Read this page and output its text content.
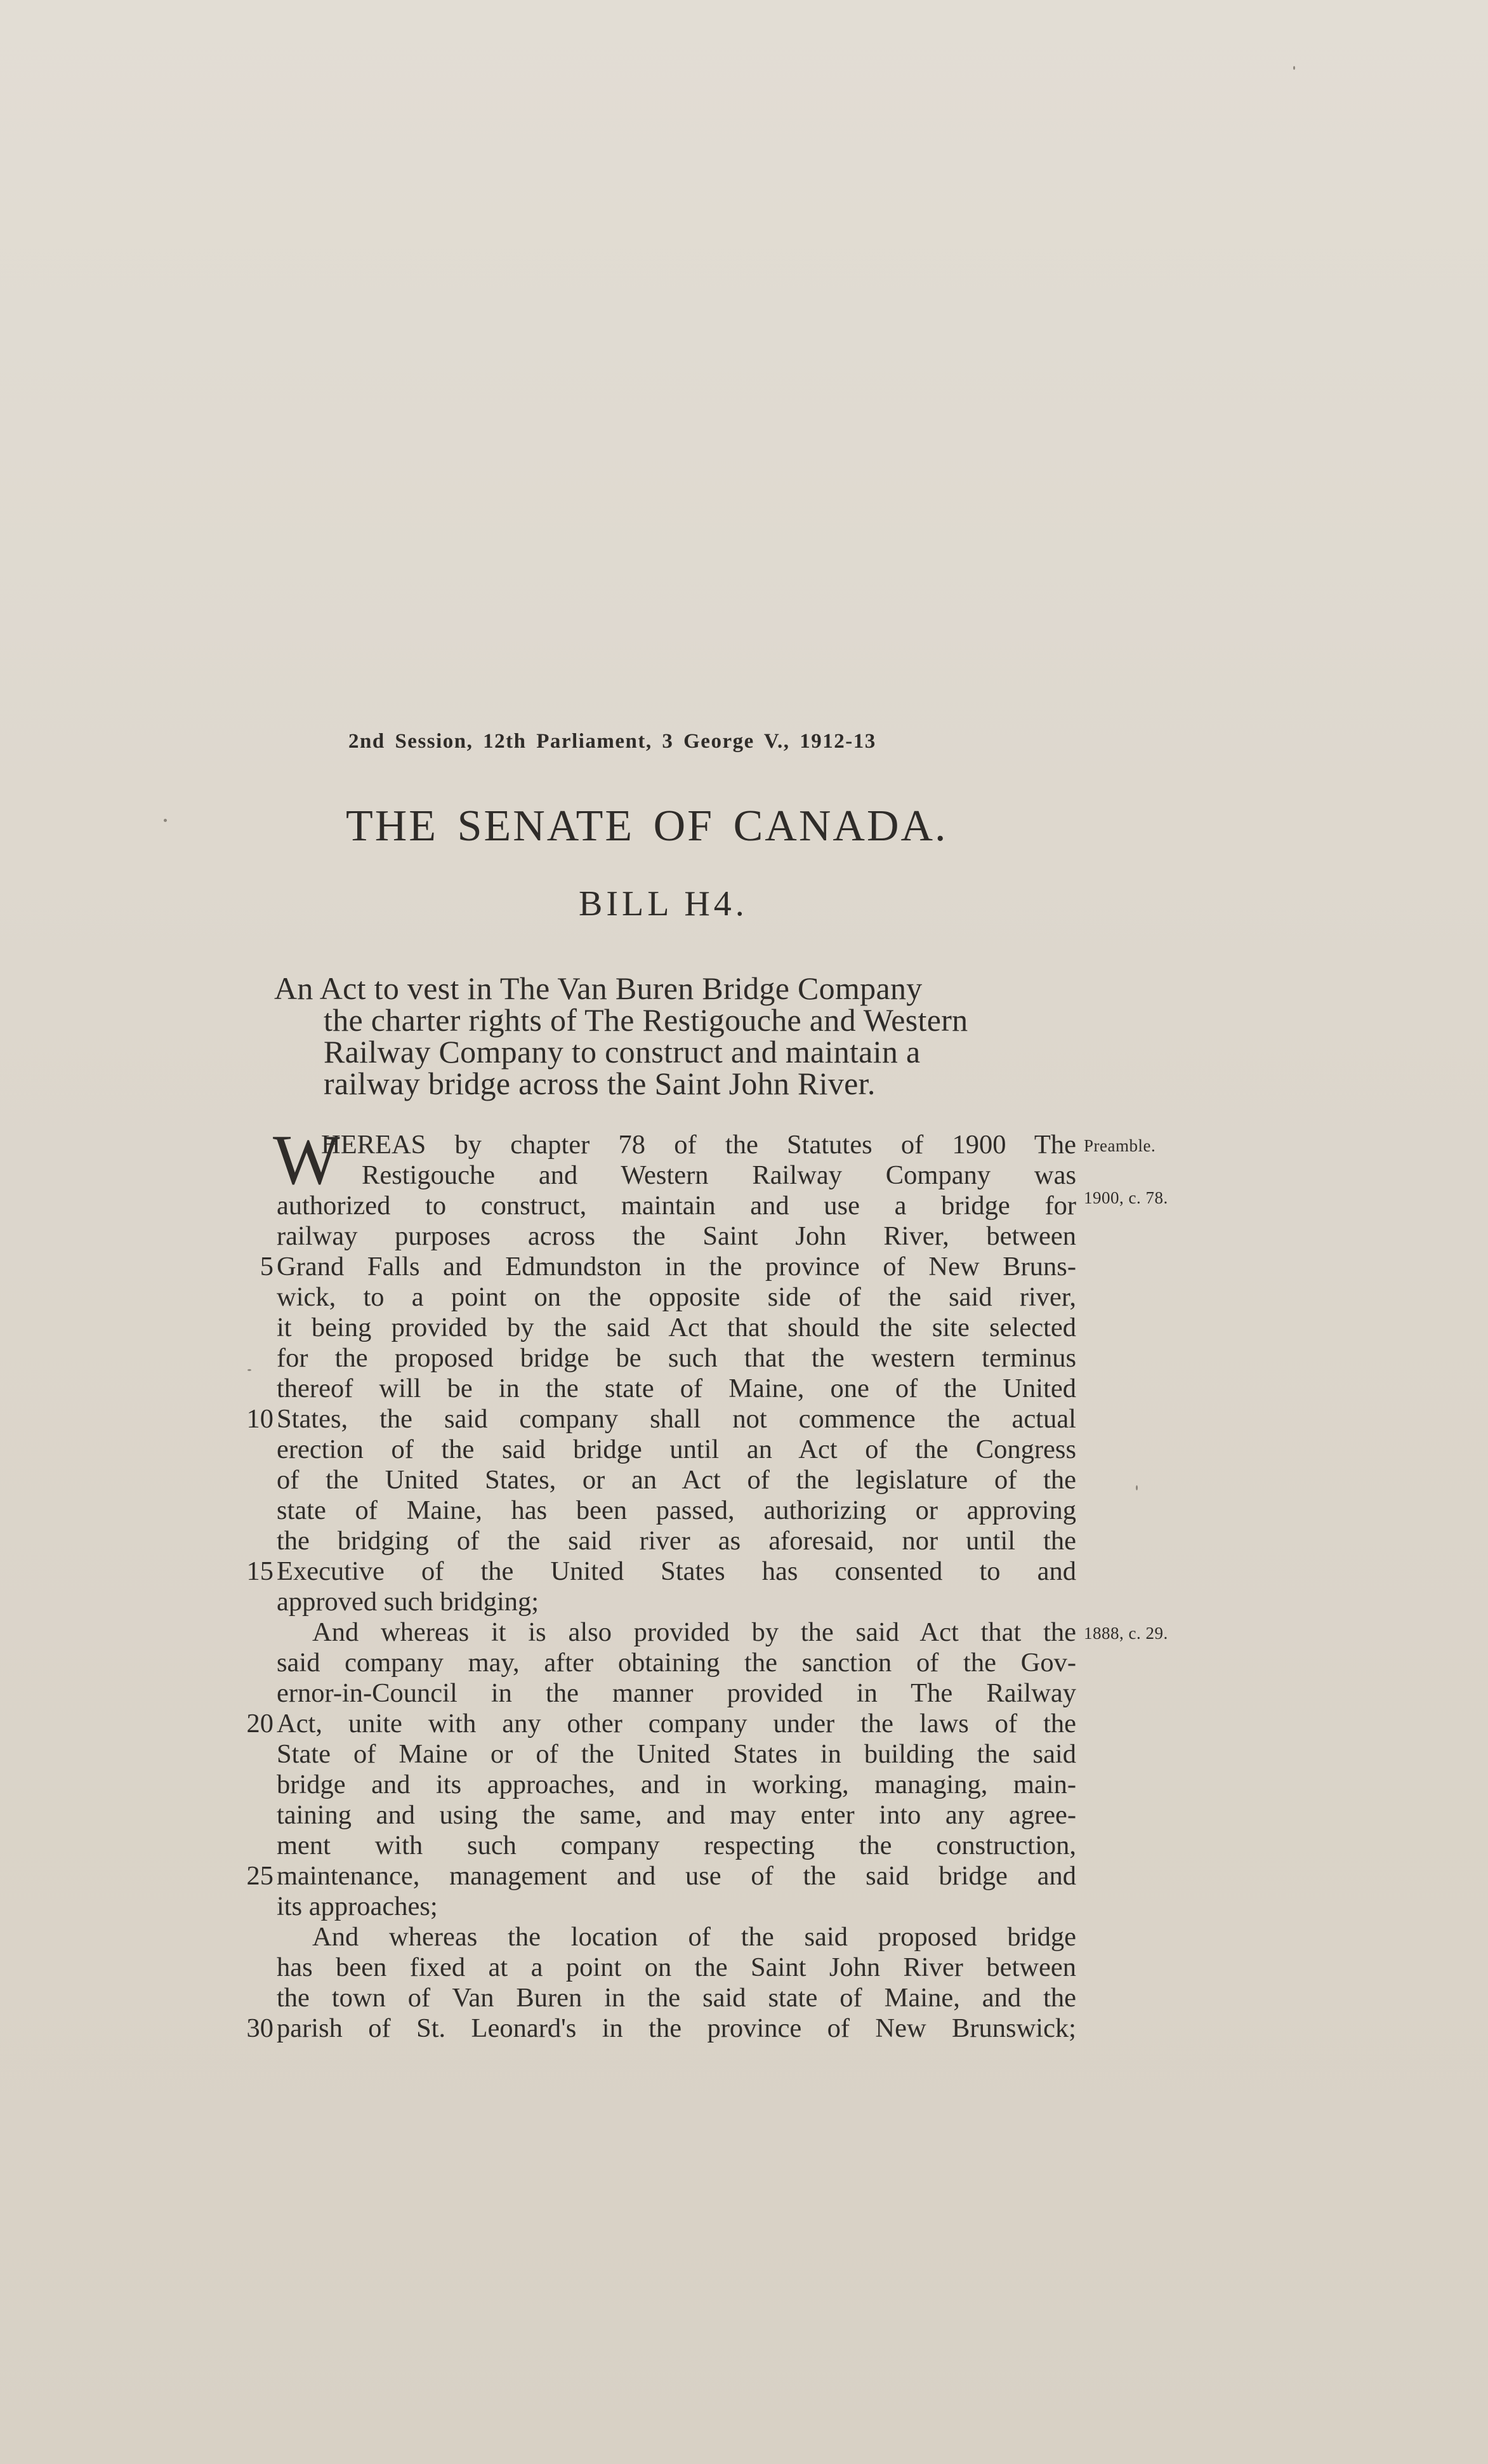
2nd Session, 12th Parliament, 3 George V., 1912-13
THE SENATE OF CANADA.
BILL H4.
An Act to vest in The Van Buren Bridge Company
the charter rights of The Restigouche and Western
Railway Company to construct and maintain a
railway bridge across the Saint John River.
W
HEREAS by chapter 78 of the Statutes of 1900 The
Restigouche and Western Railway Company was
authorized to construct, maintain and use a bridge for
railway purposes across the Saint John River, between
Grand Falls and Edmundston in the province of New Bruns-
wick, to a point on the opposite side of the said river,
it being provided by the said Act that should the site selected
for the proposed bridge be such that the western terminus
thereof will be in the state of Maine, one of the United
States, the said company shall not commence the actual
erection of the said bridge until an Act of the Congress
of the United States, or an Act of the legislature of the
state of Maine, has been passed, authorizing or approving
the bridging of the said river as aforesaid, nor until the
Executive of the United States has consented to and
approved such bridging;
And whereas it is also provided by the said Act that the
said company may, after obtaining the sanction of the Gov-
ernor-in-Council in the manner provided in The Railway
Act, unite with any other company under the laws of the
State of Maine or of the United States in building the said
bridge and its approaches, and in working, managing, main-
taining and using the same, and may enter into any agree-
ment with such company respecting the construction,
maintenance, management and use of the said bridge and
its approaches;
And whereas the location of the said proposed bridge
has been fixed at a point on the Saint John River between
the town of Van Buren in the said state of Maine, and the
parish of St. Leonard's in the province of New Brunswick;
5
10
15
20
25
30
Preamble.
1900, c. 78.
1888, c. 29.
